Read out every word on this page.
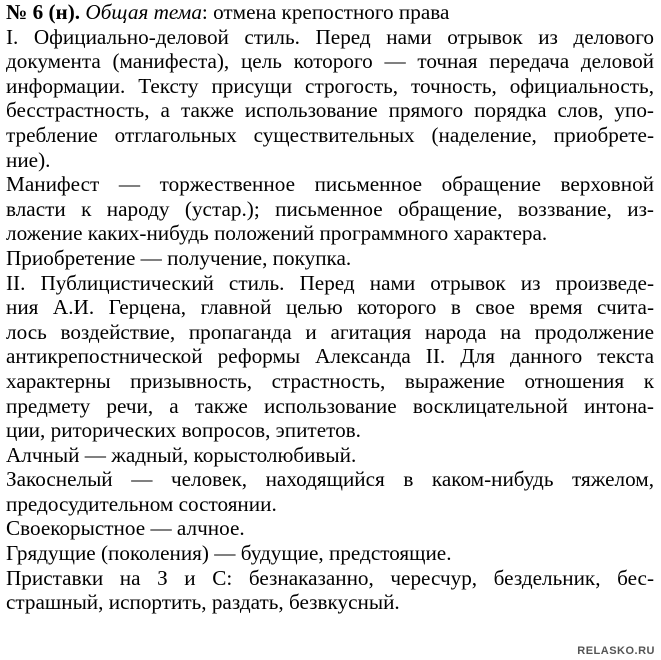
№ 6 (н). Общая тема: отмена крепостного права
I. Официально-деловой стиль. Перед нами отрывок из делового
документа (манифеста), цель которого — точная передача деловой
информации. Тексту присущи строгость, точность, официальность,
бесстрастность, а также использование прямого порядка слов, упо-
требление отглагольных существительных (наделение, приобрете-
ние).
Манифест — торжественное письменное обращение верховной
власти к народу (устар.); письменное обращение, воззвание, из-
ложение каких-нибудь положений программного характера.
Приобретение — получение, покупка.
II. Публицистический стиль. Перед нами отрывок из произведе-
ния А.И. Герцена, главной целью которого в свое время счита-
лось воздействие, пропаганда и агитация народа на продолжение
антикрепостнической реформы Александа II. Для данного текста
характерны призывность, страстность, выражение отношения к
предмету речи, а также использование восклицательной интона-
ции, риторических вопросов, эпитетов.
Алчный — жадный, корыстолюбивый.
Закоснелый — человек, находящийся в каком-нибудь тяжелом,
предосудительном состоянии.
Своекорыстное — алчное.
Грядущие (поколения) — будущие, предстоящие.
Приставки на З и С: безнаказанно, чересчур, бездельник, бес-
страшный, испортить, раздать, безвкусный.
RELASKO.RU
